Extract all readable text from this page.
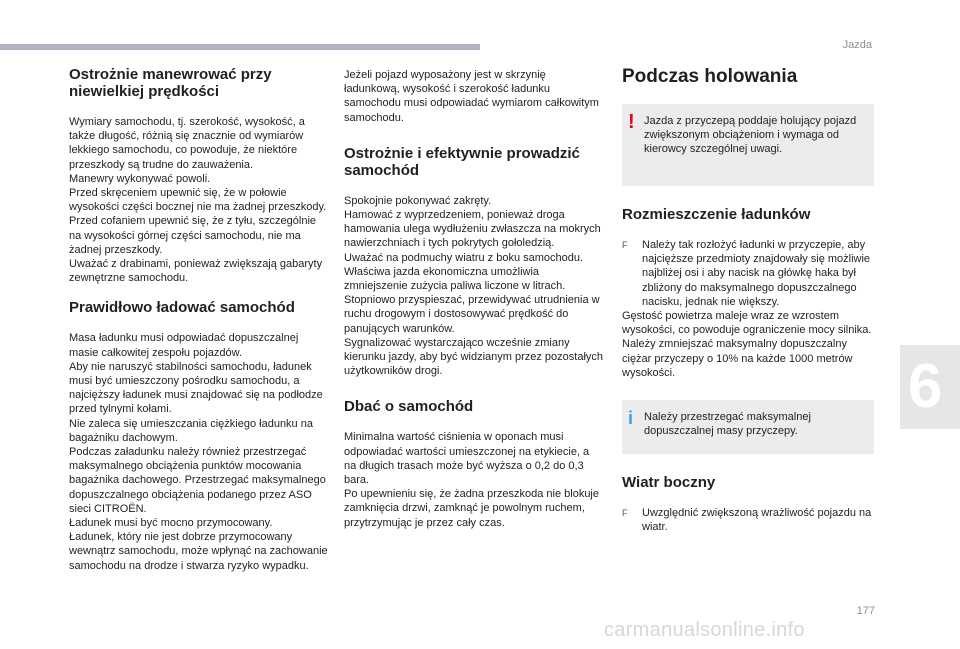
Jazda
6
Ostrożnie manewrować przy niewielkiej prędkości

Wymiary samochodu, tj. szerokość, wysokość, a także długość, różnią się znacznie od wymiarów lekkiego samochodu, co powoduje, że niektóre przeszkody są trudne do zauważenia.

Manewry wykonywać powoli.

Przed skręceniem upewnić się, że w połowie wysokości części bocznej nie ma żadnej przeszkody.

Przed cofaniem upewnić się, że z tyłu, szczególnie na wysokości górnej części samochodu, nie ma żadnej przeszkody.

Uważać z drabinami, ponieważ zwiększają gabaryty zewnętrzne samochodu.

Prawidłowo ładować samochód

Masa ładunku musi odpowiadać dopuszczalnej masie całkowitej zespołu pojazdów.

Aby nie naruszyć stabilności samochodu, ładunek musi być umieszczony pośrodku samochodu, a najcięższy ładunek musi znajdować się na podłodze przed tylnymi kołami.

Nie zaleca się umieszczania ciężkiego ładunku na bagażniku dachowym.

Podczas załadunku należy również przestrzegać maksymalnego obciążenia punktów mocowania bagażnika dachowego. Przestrzegać maksymalnego dopuszczalnego obciążenia podanego przez ASO sieci CITROËN.

Ładunek musi być mocno przymocowany.

Ładunek, który nie jest dobrze przymocowany wewnątrz samochodu, może wpłynąć na zachowanie samochodu na drodze i stwarza ryzyko wypadku.

Jeżeli pojazd wyposażony jest w skrzynię ładunkową, wysokość i szerokość ładunku samochodu musi odpowiadać wymiarom całkowitym samochodu.

Ostrożnie i efektywnie prowadzić samochód

Spokojnie pokonywać zakręty.

Hamować z wyprzedzeniem, ponieważ droga hamowania ulega wydłużeniu zwłaszcza na mokrych nawierzchniach i tych pokrytych gołoledzią.

Uważać na podmuchy wiatru z boku samochodu.

Właściwa jazda ekonomiczna umożliwia zmniejszenie zużycia paliwa liczone w litrach.

Stopniowo przyspieszać, przewidywać utrudnienia w ruchu drogowym i dostosowywać prędkość do panujących warunków.

Sygnalizować wystarczająco wcześnie zmiany kierunku jazdy, aby być widzianym przez pozostałych użytkowników drogi.

Dbać o samochód

Minimalna wartość ciśnienia w oponach musi odpowiadać wartości umieszczonej na etykiecie, a na długich trasach może być wyższa o 0,2 do 0,3 bara.

Po upewnieniu się, że żadna przeszkoda nie blokuje zamknięcia drzwi, zamknąć je powolnym ruchem, przytrzymując je przez cały czas.

Podczas holowania
! Jazda z przyczepą poddaje holujący pojazd zwiększonym obciążeniom i wymaga od kierowcy szczególnej uwagi.

Rozmieszczenie ładunków
F Należy tak rozłożyć ładunki w przyczepie, aby najcięższe przedmioty znajdowały się możliwie najbliżej osi i aby nacisk na główkę haka był zbliżony do maksymalnego dopuszczalnego nacisku, jednak nie większy.

Gęstość powietrza maleje wraz ze wzrostem wysokości, co powoduje ograniczenie mocy silnika. Należy zmniejszać maksymalny dopuszczalny ciężar przyczepy o 10% na każde 1000 metrów wysokości.

i Należy przestrzegać maksymalnej dopuszczalnej masy przyczepy.

Wiatr boczny
F Uwzględnić zwiększoną wrażliwość pojazdu na wiatr.

177
carmanualsonline.info
